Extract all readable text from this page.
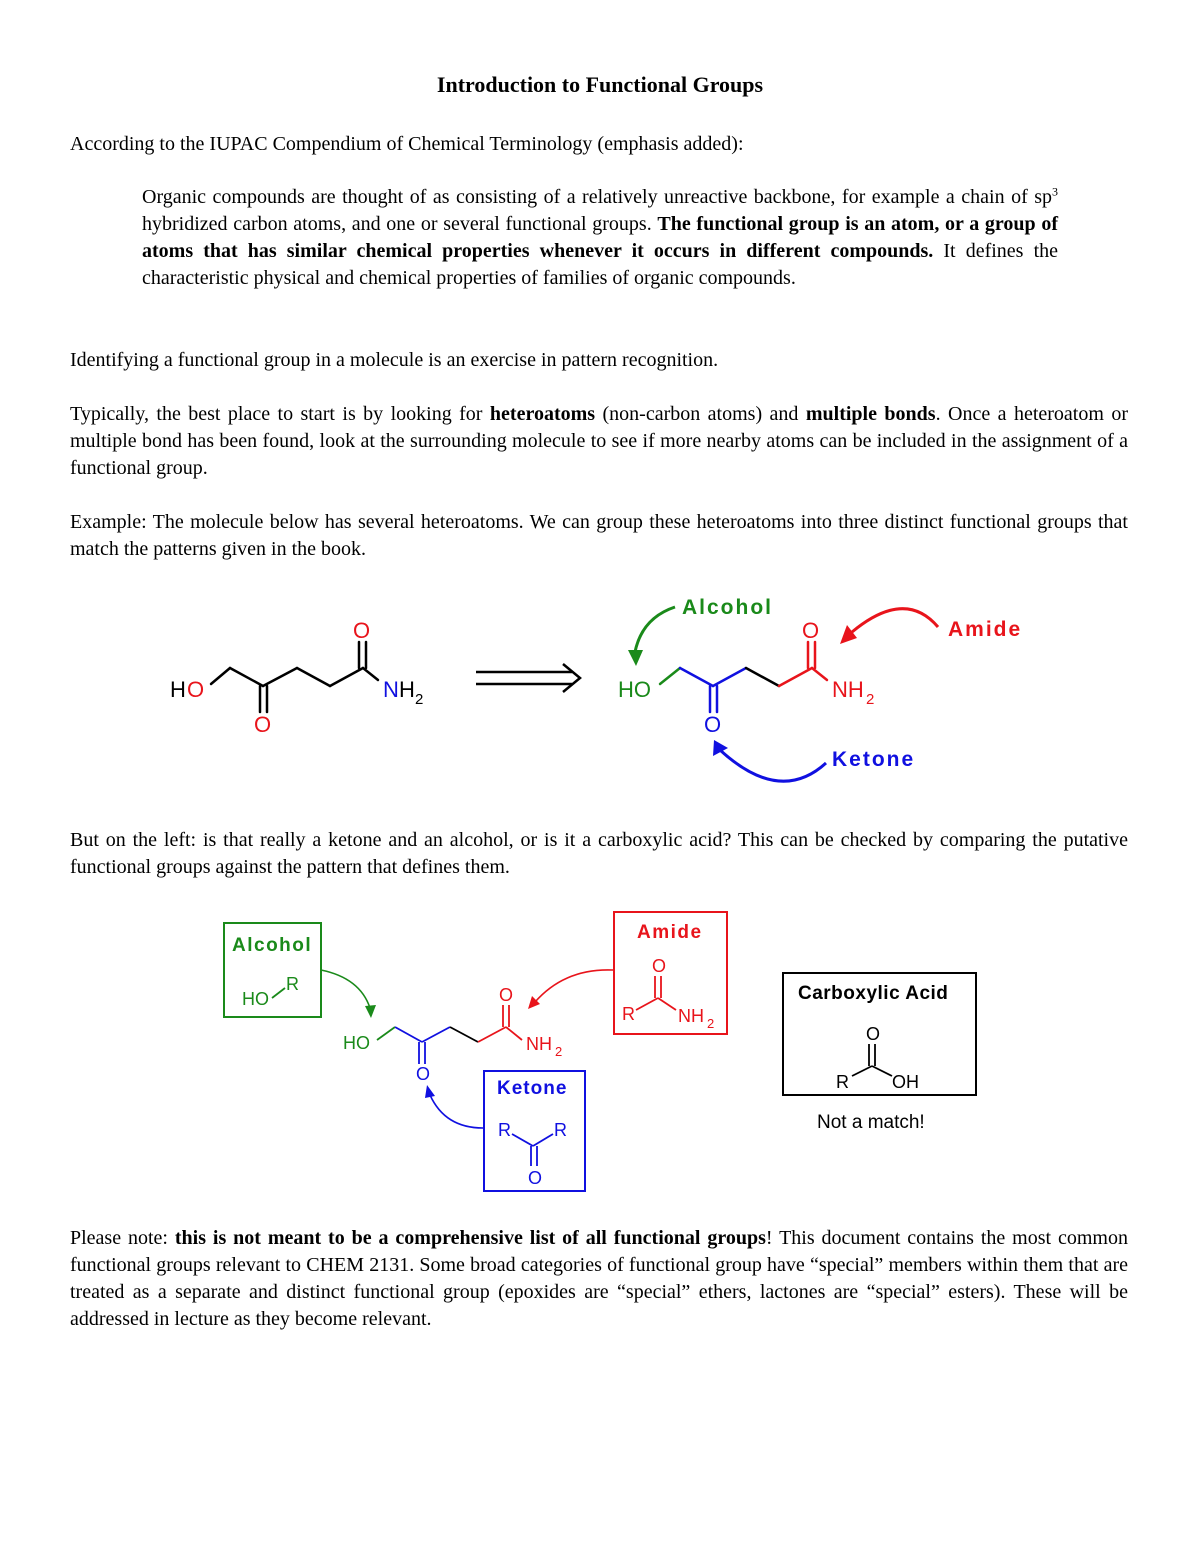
Introduction to Functional Groups

According to the IUPAC Compendium of Chemical Terminology (emphasis added):

Organic compounds are thought of as consisting of a relatively unreactive backbone, for example a chain of $sp^3$ hybridized carbon atoms, and one or several functional groups. The functional group is an atom, or a group of atoms that has similar chemical properties whenever it occurs in different compounds. It defines the characteristic physical and chemical properties of families of organic compounds.

Identifying a functional group in a molecule is an exercise in pattern recognition.

Typically, the best place to start is by looking for heteroatoms (non-carbon atoms) and multiple bonds. Once a heteroatom or multiple bond has been found, look at the surrounding molecule to see if more nearby atoms can be included in the assignment of a functional group.

Example: The molecule below has several heteroatoms. We can group these heteroatoms into three distinct functional groups that match the patterns given in the book.

H O
O
O
N H 2	HO
O
O
NH 2
Alcohol
Amide
Ketone

But on the left: is that really a ketone and an alcohol, or is it a carboxylic acid? This can be checked by comparing the putative functional groups against the pattern that defines them.

Alcohol
HO
R
Amide
O
R NH 2
Ketone
R R
O
HO
O
O
NH 2
Carboxylic Acid
O
R OH
Not a match!

Please note: this is not meant to be a comprehensive list of all functional groups! This document contains the most common functional groups relevant to CHEM 2131. Some broad categories of functional group have “special” members within them that are treated as a separate and distinct functional group (epoxides are “special” ethers, lactones are “special” esters). These will be addressed in lecture as they become relevant.
